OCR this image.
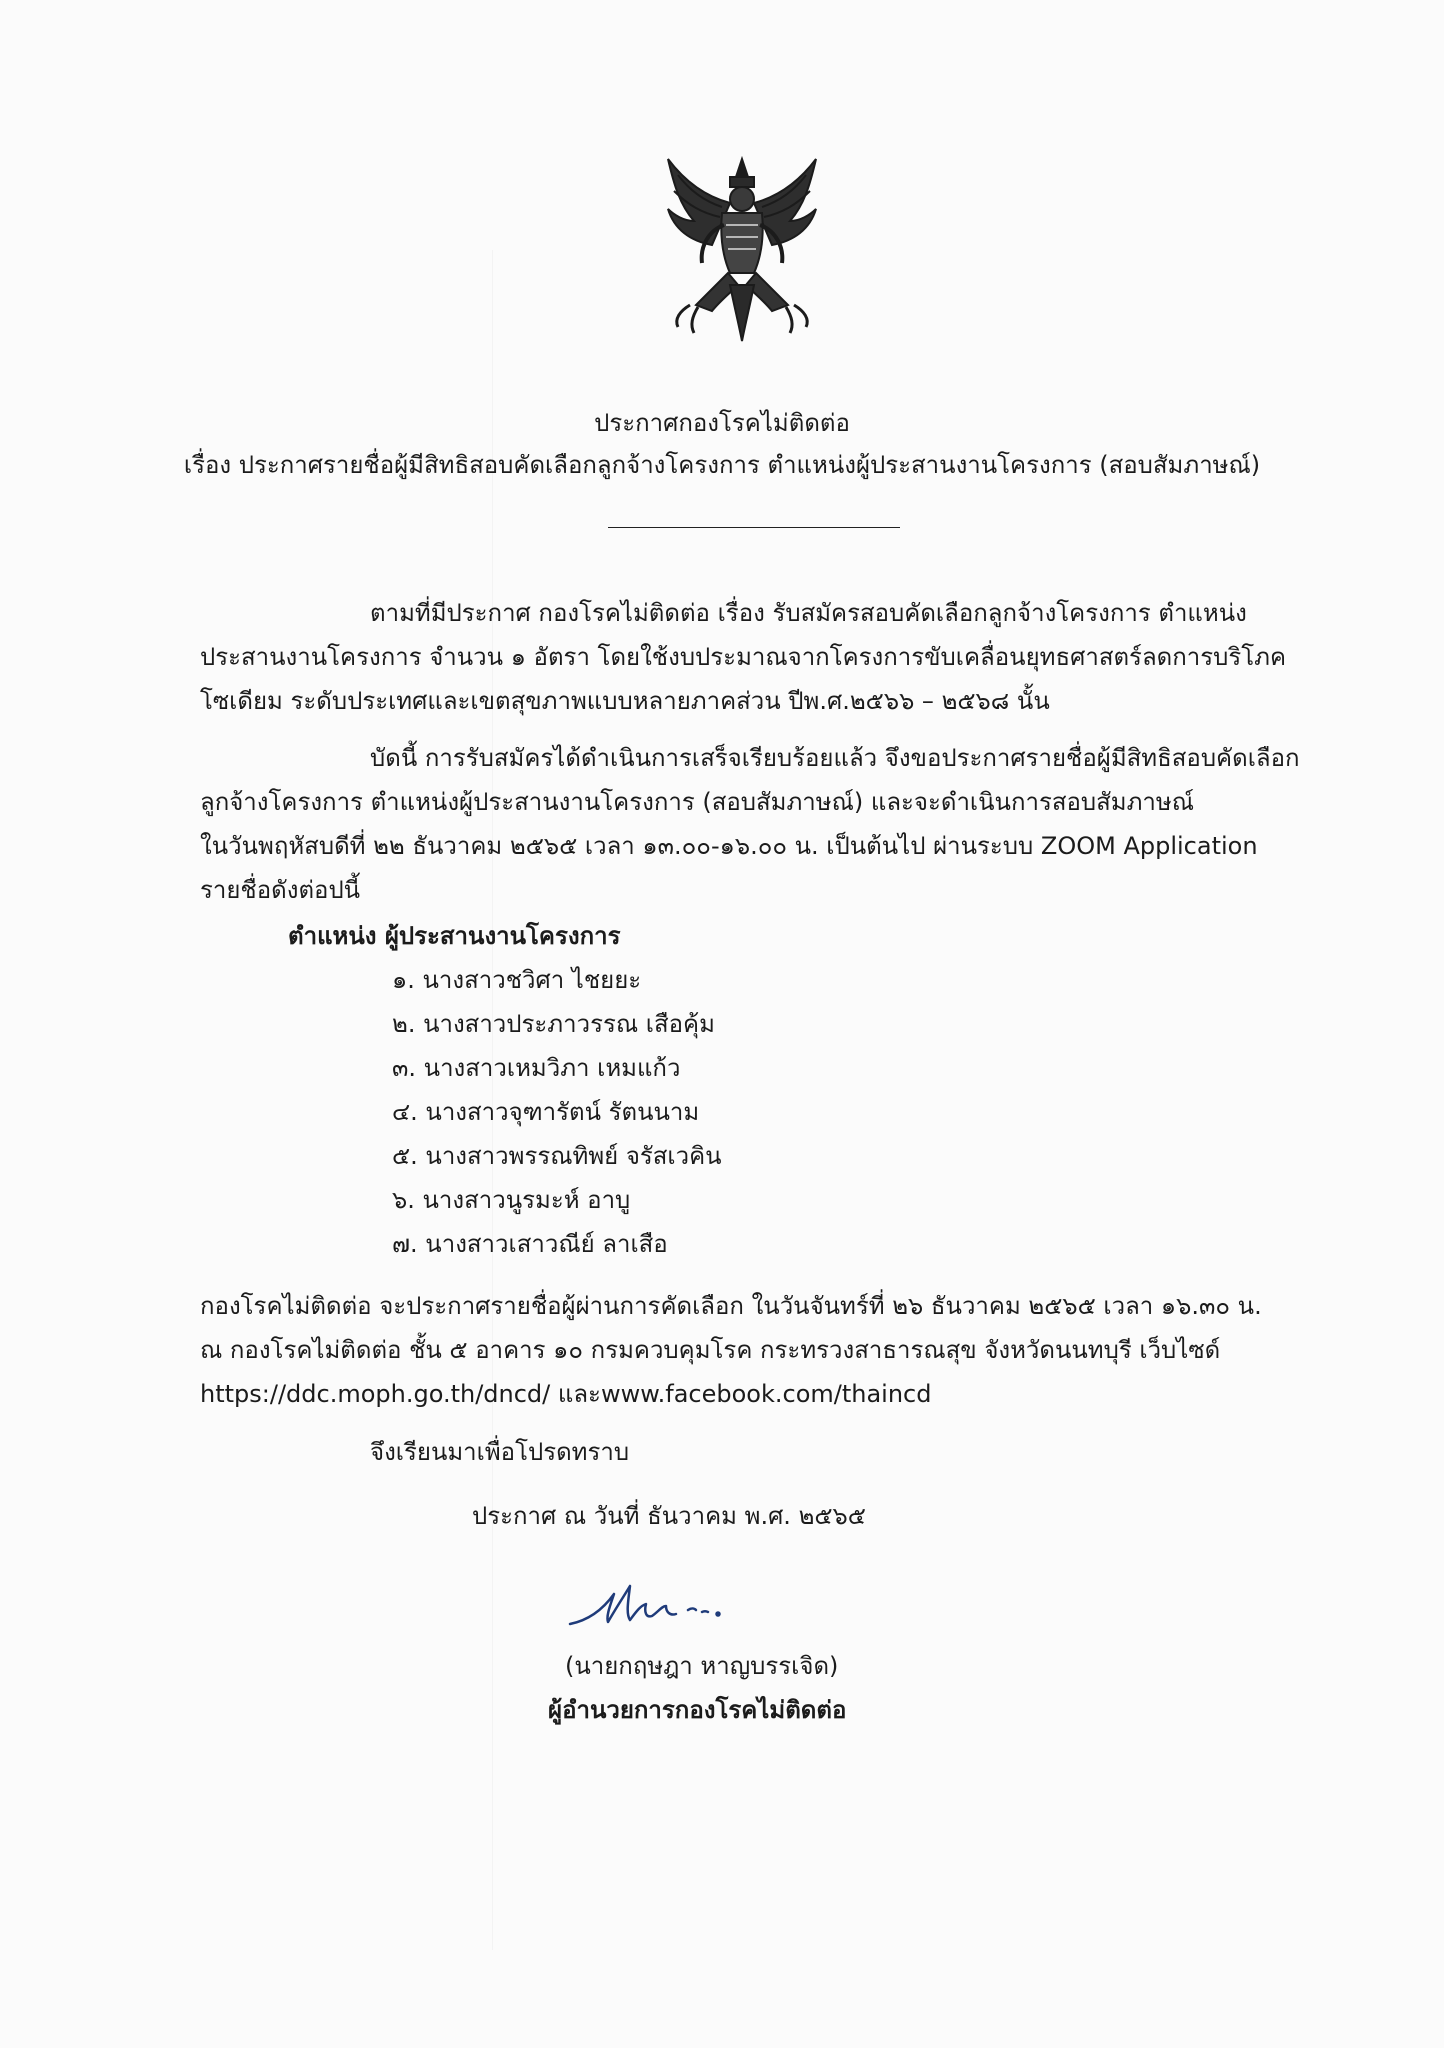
ประกาศกองโรคไม่ติดต่อ
เรื่อง ประกาศรายชื่อผู้มีสิทธิสอบคัดเลือกลูกจ้างโครงการ ตำแหน่งผู้ประสานงานโครงการ (สอบสัมภาษณ์)
ตามที่มีประกาศ กองโรคไม่ติดต่อ เรื่อง รับสมัครสอบคัดเลือกลูกจ้างโครงการ ตำแหน่ง
ประสานงานโครงการ จำนวน ๑ อัตรา โดยใช้งบประมาณจากโครงการขับเคลื่อนยุทธศาสตร์ลดการบริโภค
โซเดียม ระดับประเทศและเขตสุขภาพแบบหลายภาคส่วน ปีพ.ศ.๒๕๖๖ – ๒๕๖๘ นั้น
บัดนี้ การรับสมัครได้ดำเนินการเสร็จเรียบร้อยแล้ว จึงขอประกาศรายชื่อผู้มีสิทธิสอบคัดเลือก
ลูกจ้างโครงการ ตำแหน่งผู้ประสานงานโครงการ (สอบสัมภาษณ์) และจะดำเนินการสอบสัมภาษณ์
ในวันพฤหัสบดีที่ ๒๒ ธันวาคม ๒๕๖๕ เวลา ๑๓.๐๐-๑๖.๐๐ น. เป็นต้นไป ผ่านระบบ ZOOM Application
รายชื่อดังต่อปนี้
ตำแหน่ง ผู้ประสานงานโครงการ
๑. นางสาวชวิศา ไชยยะ
๒. นางสาวประภาวรรณ เสือคุ้ม
๓. นางสาวเหมวิภา เหมแก้ว
๔. นางสาวจุฑารัตน์ รัตนนาม
๕. นางสาวพรรณทิพย์ จรัสเวคิน
๖. นางสาวนูรมะห์ อาบู
๗. นางสาวเสาวณีย์ ลาเสือ
กองโรคไม่ติดต่อ จะประกาศรายชื่อผู้ผ่านการคัดเลือก ในวันจันทร์ที่ ๒๖ ธันวาคม ๒๕๖๕ เวลา ๑๖.๓๐ น.
ณ กองโรคไม่ติดต่อ ชั้น ๕ อาคาร ๑๐ กรมควบคุมโรค กระทรวงสาธารณสุข จังหวัดนนทบุรี เว็บไซด์
https://ddc.moph.go.th/dncd/ และwww.facebook.com/thaincd
จึงเรียนมาเพื่อโปรดทราบ
ประกาศ ณ วันที่ ธันวาคม พ.ศ. ๒๕๖๕
(นายกฤษฎา หาญบรรเจิด)
ผู้อำนวยการกองโรคไม่ติดต่อ
